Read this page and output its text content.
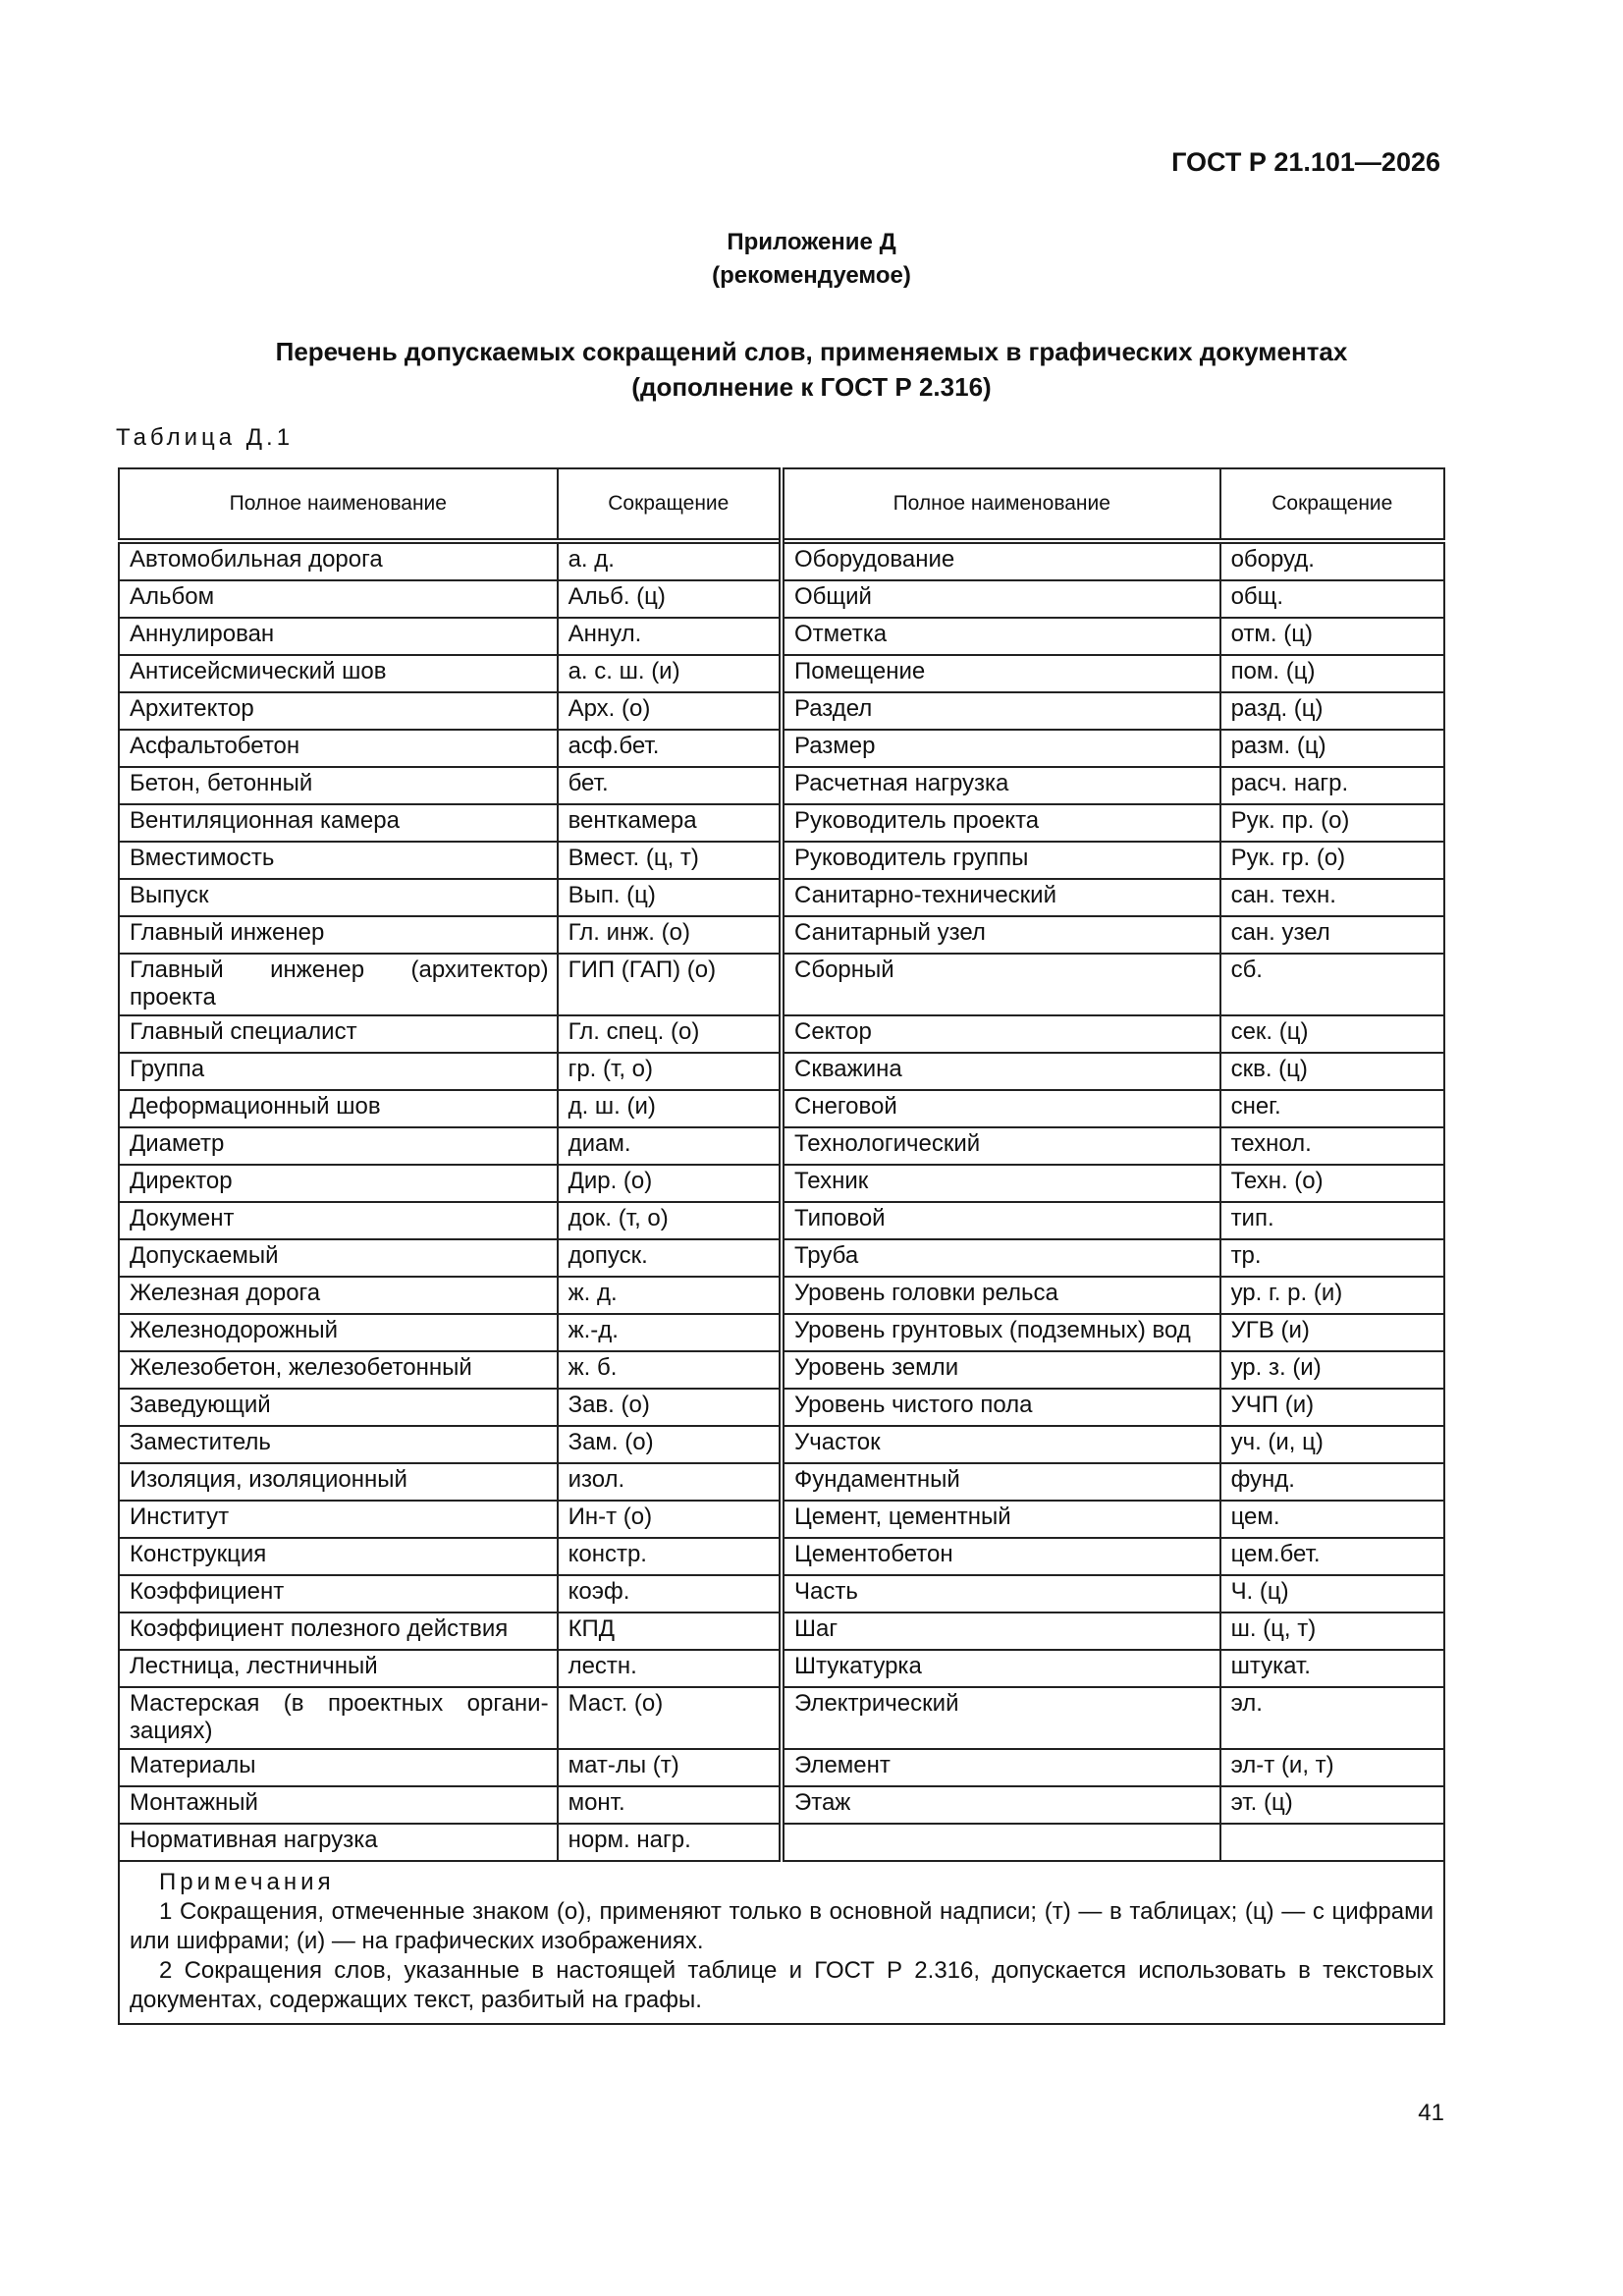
ГОСТ Р 21.101—2026
Приложение Д
(рекомендуемое)
Перечень допускаемых сокращений слов, применяемых в графических документах
(дополнение к ГОСТ Р 2.316)
Таблица Д.1
Полное наименование	Сокращение	Полное наименование	Сокращение
Автомобильная дорога	а. д.	Оборудование	оборуд.
Альбом	Альб. (ц)	Общий	общ.
Аннулирован	Аннул.	Отметка	отм. (ц)
Антисейсмический шов	а. с. ш. (и)	Помещение	пом. (ц)
Архитектор	Арх. (о)	Раздел	разд. (ц)
Асфальтобетон	асф.бет.	Размер	разм. (ц)
Бетон, бетонный	бет.	Расчетная нагрузка	расч. нагр.
Вентиляционная камера	венткамера	Руководитель проекта	Рук. пр. (о)
Вместимость	Вмест. (ц, т)	Руководитель группы	Рук. гр. (о)
Выпуск	Вып. (ц)	Санитарно-технический	сан. техн.
Главный инженер	Гл. инж. (о)	Санитарный узел	сан. узел
Главный инженер (архитектор) проекта	ГИП (ГАП) (о)	Сборный	сб.
Главный специалист	Гл. спец. (о)	Сектор	сек. (ц)
Группа	гр. (т, о)	Скважина	скв. (ц)
Деформационный шов	д. ш. (и)	Снеговой	снег.
Диаметр	диам.	Технологический	технол.
Директор	Дир. (о)	Техник	Техн. (о)
Документ	док. (т, о)	Типовой	тип.
Допускаемый	допуск.	Труба	тр.
Железная дорога	ж. д.	Уровень головки рельса	ур. г. р. (и)
Железнодорожный	ж.-д.	Уровень грунтовых (подземных) вод	УГВ (и)
Железобетон, железобетонный	ж. б.	Уровень земли	ур. з. (и)
Заведующий	Зав. (о)	Уровень чистого пола	УЧП (и)
Заместитель	Зам. (о)	Участок	уч. (и, ц)
Изоляция, изоляционный	изол.	Фундаментный	фунд.
Институт	Ин-т (о)	Цемент, цементный	цем.
Конструкция	констр.	Цементобетон	цем.бет.
Коэффициент	коэф.	Часть	Ч. (ц)
Коэффициент полезного действия	КПД	Шаг	ш. (ц, т)
Лестница, лестничный	лестн.	Штукатурка	штукат.
Мастерская (в проектных органи-зациях)	Маст. (о)	Электрический	эл.
Материалы	мат-лы (т)	Элемент	эл-т (и, т)
Монтажный	монт.	Этаж	эт. (ц)
Нормативная нагрузка	норм. нагр.		

Примечания
1 Сокращения, отмеченные знаком (о), применяют только в основной надписи; (т) — в таблицах; (ц) — с цифрами или шифрами; (и) — на графических изображениях.
2 Сокращения слов, указанные в настоящей таблице и ГОСТ Р 2.316, допускается использовать в текстовых документах, содержащих текст, разбитый на графы.			
41
